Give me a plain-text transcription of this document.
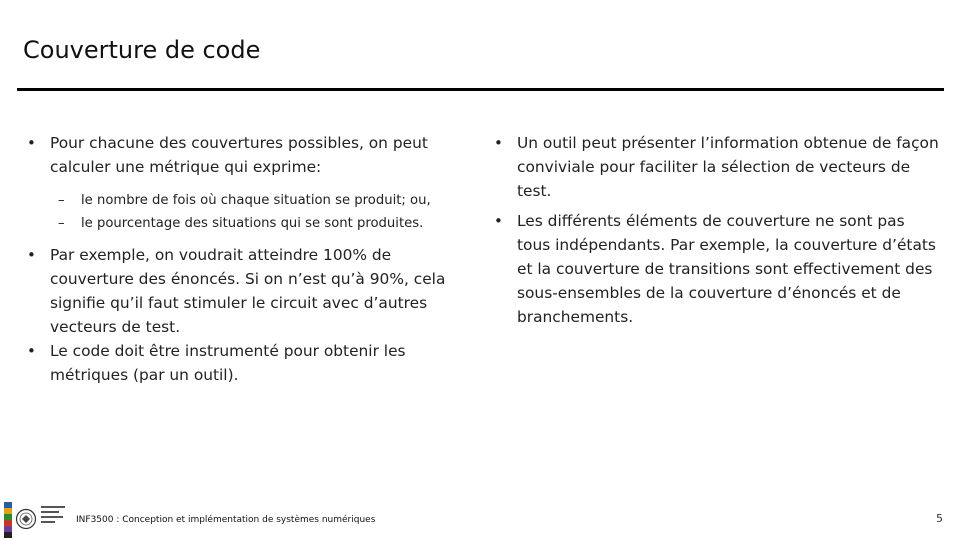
Couverture de code
• Pour chacune des couvertures possibles, on peut calculer une métrique qui exprime:
– le nombre de fois où chaque situation se produit; ou,
– le pourcentage des situations qui se sont produites.
• Par exemple, on voudrait atteindre 100% de couverture des énoncés. Si on n’est qu’à 90%, cela signifie qu’il faut stimuler le circuit avec d’autres vecteurs de test.
• Le code doit être instrumenté pour obtenir les métriques (par un outil).
• Un outil peut présenter l’information obtenue de façon conviviale pour faciliter la sélection de vecteurs de test.
• Les différents éléments de couverture ne sont pas tous indépendants. Par exemple, la couverture d’états et la couverture de transitions sont effectivement des sous-ensembles de la couverture d’énoncés et de branchements.
INF3500 : Conception et implémentation de systèmes numériques	5
